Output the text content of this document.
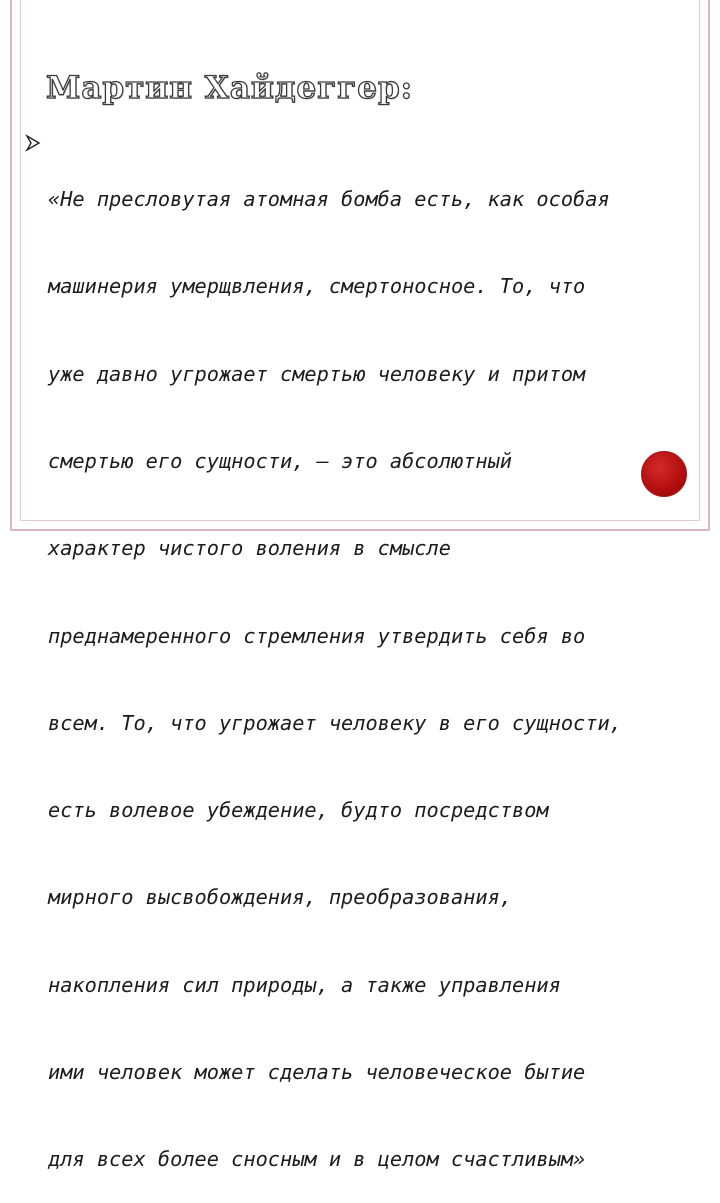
Мартин Хайдеггер:

«Не пресловутая атомная бомба есть, как особая

машинерия умерщвления, смертоносное. То, что

уже давно угрожает смертью человеку и притом

смертью его сущности, — это абсолютный

характер чистого воления в смысле

преднамеренного стремления утвердить себя во

всем. То, что угрожает человеку в его сущности,

есть волевое убеждение, будто посредством

мирного высвобождения, преобразования,

накопления сил природы, а также управления

ими человек может сделать человеческое бытие

для всех более сносным и в целом счастливым»
